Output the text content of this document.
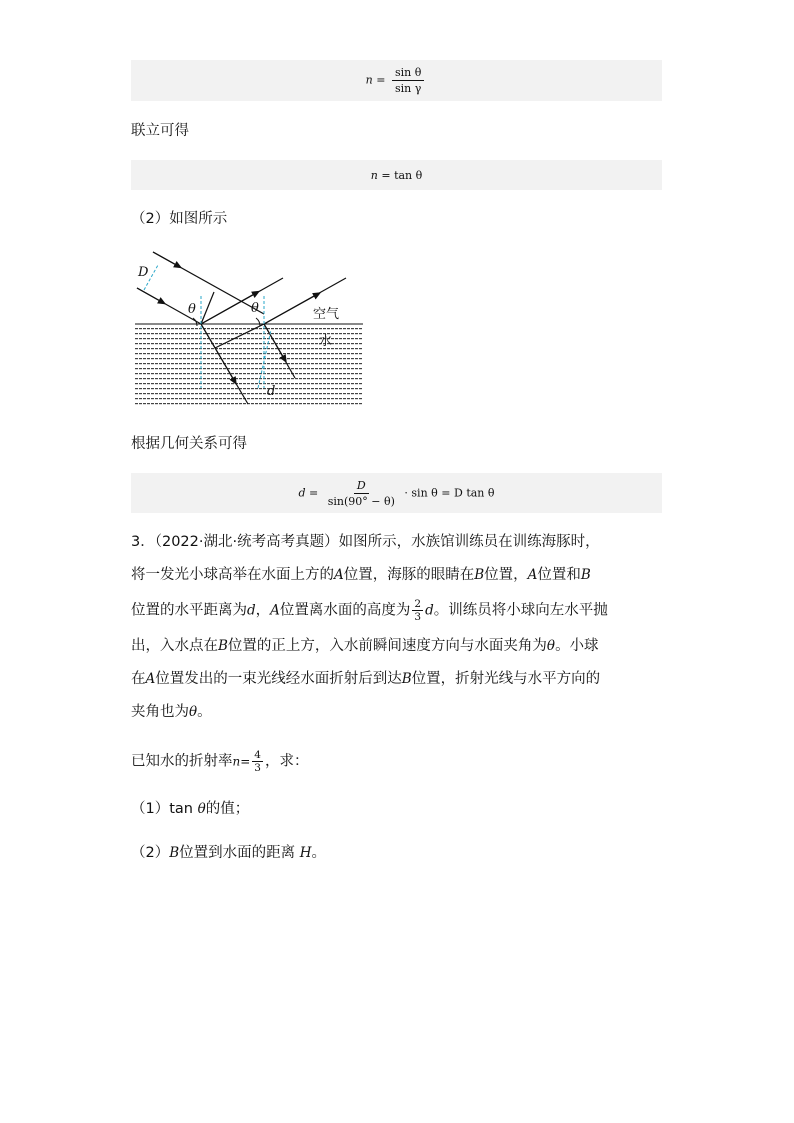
$n = \frac{\text{sin θ}}{\text{sin γ}}$
联立可得
n = tan θ
（2）如图所示
D
θ	θ	空气
水
d
根据几何关系可得
$d = \frac{D}{\sin(90^\circ - \theta)} \cdot \sin \theta = D$ tan θ
3．（2022·湖北·统考高考真题）如图所示，水族馆训练员在训练海豚时，
将一发光小球高举在水面上方的A位置，海豚的眼睛在B位置，A位置和B
位置的水平距离为d，A位置离水面的高度为 $\frac{2}{3}$ d。训练员将小球向左水平抛
出，入水点在B位置的正上方，入水前瞬间速度方向与水面夹角为θ。小球
在A位置发出的一束光线经水面折射后到达B位置，折射光线与水平方向的
夹角也为θ。
已知水的折射率$n= \frac{4}{3}$ ，求：
（1）tan θ的值；
（2）B位置到水面的距离 H。
